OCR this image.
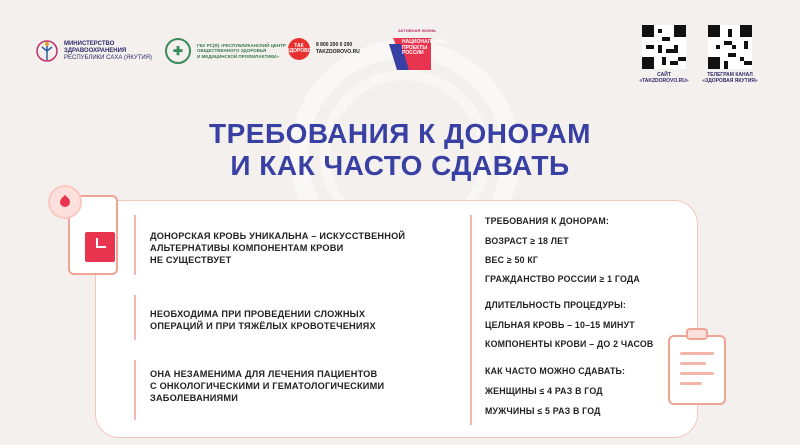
МИНИСТЕРСТВО
ЗДРАВООХРАНЕНИЯ
РЕСПУБЛИКИ САХА (ЯКУТИЯ)	✚	ГБУ РС(Я) «РЕСПУБЛИКАНСКИЙ ЦЕНТР
ОБЩЕСТВЕННОГО ЗДОРОВЬЯ
И МЕДИЦИНСКОЙ ПРОФИЛАКТИКИ»
ТАК ЗДОРОВО
8 800 200 0 200
TAKZDOROVO.RU
АКТИВНАЯ ЖИЗНЬ
НАЦИОНАЛЬНЫЕ
ПРОЕКТЫ
РОССИИ
САЙТ
«TAKZDOROVO.RU»
ТЕЛЕГРАМ КАНАЛ
«ЗДОРОВАЯ ЯКУТИЯ»
ТРЕБОВАНИЯ К ДОНОРАМ
И КАК ЧАСТО СДАВАТЬ
ДОНОРСКАЯ КРОВЬ УНИКАЛЬНА – ИСКУССТВЕННОЙ
АЛЬТЕРНАТИВЫ КОМПОНЕНТАМ КРОВИ
НЕ СУЩЕСТВУЕТ
НЕОБХОДИМА ПРИ ПРОВЕДЕНИИ СЛОЖНЫХ
ОПЕРАЦИЙ И ПРИ ТЯЖЁЛЫХ КРОВОТЕЧЕНИЯХ
ОНА НЕЗАМЕНИМА ДЛЯ ЛЕЧЕНИЯ ПАЦИЕНТОВ
С ОНКОЛОГИЧЕСКИМИ И ГЕМАТОЛОГИЧЕСКИМИ
ЗАБОЛЕВАНИЯМИ
ТРЕБОВАНИЯ К ДОНОРАМ:
ВОЗРАСТ ≥ 18 ЛЕТ
ВЕС ≥ 50 КГ
ГРАЖДАНСТВО РОССИИ ≥ 1 ГОДА
ДЛИТЕЛЬНОСТЬ ПРОЦЕДУРЫ:
ЦЕЛЬНАЯ КРОВЬ – 10–15 МИНУТ
КОМПОНЕНТЫ КРОВИ – ДО 2 ЧАСОВ
КАК ЧАСТО МОЖНО СДАВАТЬ:
ЖЕНЩИНЫ ≤ 4 РАЗ В ГОД
МУЖЧИНЫ ≤ 5 РАЗ В ГОД
